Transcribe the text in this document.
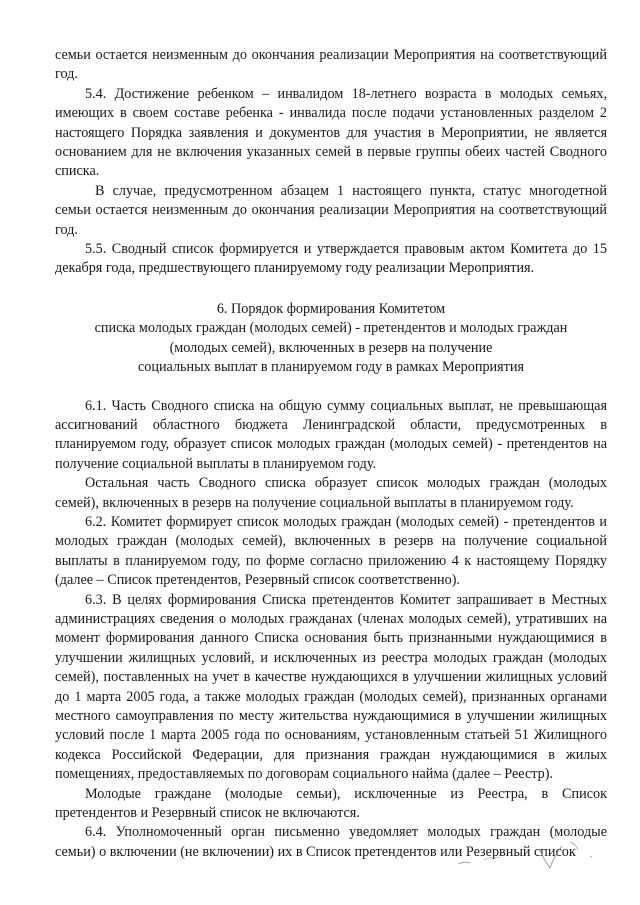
семьи остается неизменным до окончания реализации Мероприятия на соответствующий год.

5.4. Достижение ребенком – инвалидом 18-летнего возраста в молодых семьях, имеющих в своем составе ребенка - инвалида после подачи установленных разделом 2 настоящего Порядка заявления и документов для участия в Мероприятии, не является основанием для не включения указанных семей в первые группы обеих частей Сводного списка.

В случае, предусмотренном абзацем 1 настоящего пункта, статус многодетной семьи остается неизменным до окончания реализации Мероприятия на соответствующий год.

5.5. Сводный список формируется и утверждается правовым актом Комитета до 15 декабря года, предшествующего планируемому году реализации Мероприятия.

6. Порядок формирования Комитетом
списка молодых граждан (молодых семей) - претендентов и молодых граждан
(молодых семей), включенных в резерв на получение
социальных выплат в планируемом году в рамках Мероприятия

6.1. Часть Сводного списка на общую сумму социальных выплат, не превышающая ассигнований областного бюджета Ленинградской области, предусмотренных в планируемом году, образует список молодых граждан (молодых семей) - претендентов на получение социальной выплаты в планируемом году.

Остальная часть Сводного списка образует список молодых граждан (молодых семей), включенных в резерв на получение социальной выплаты в планируемом году.

6.2. Комитет формирует список молодых граждан (молодых семей) - претендентов и молодых граждан (молодых семей), включенных в резерв на получение социальной выплаты в планируемом году, по форме согласно приложению 4 к настоящему Порядку (далее – Список претендентов, Резервный список соответственно).

6.3. В целях формирования Списка претендентов Комитет запрашивает в Местных администрациях сведения о молодых гражданах (членах молодых семей), утративших на момент формирования данного Списка основания быть признанными нуждающимися в улучшении жилищных условий, и исключенных из реестра молодых граждан (молодых семей), поставленных на учет в качестве нуждающихся в улучшении жилищных условий до 1 марта 2005 года, а также молодых граждан (молодых семей), признанных органами местного самоуправления по месту жительства нуждающимися в улучшении жилищных условий после 1 марта 2005 года по основаниям, установленным статьей 51 Жилищного кодекса Российской Федерации, для признания граждан нуждающимися в жилых помещениях, предоставляемых по договорам социального найма (далее – Реестр).

Молодые граждане (молодые семьи), исключенные из Реестра, в Список претендентов и Резервный список не включаются.

6.4. Уполномоченный орган письменно уведомляет молодых граждан (молодые семьи) о включении (не включении) их в Список претендентов или Резервный список
